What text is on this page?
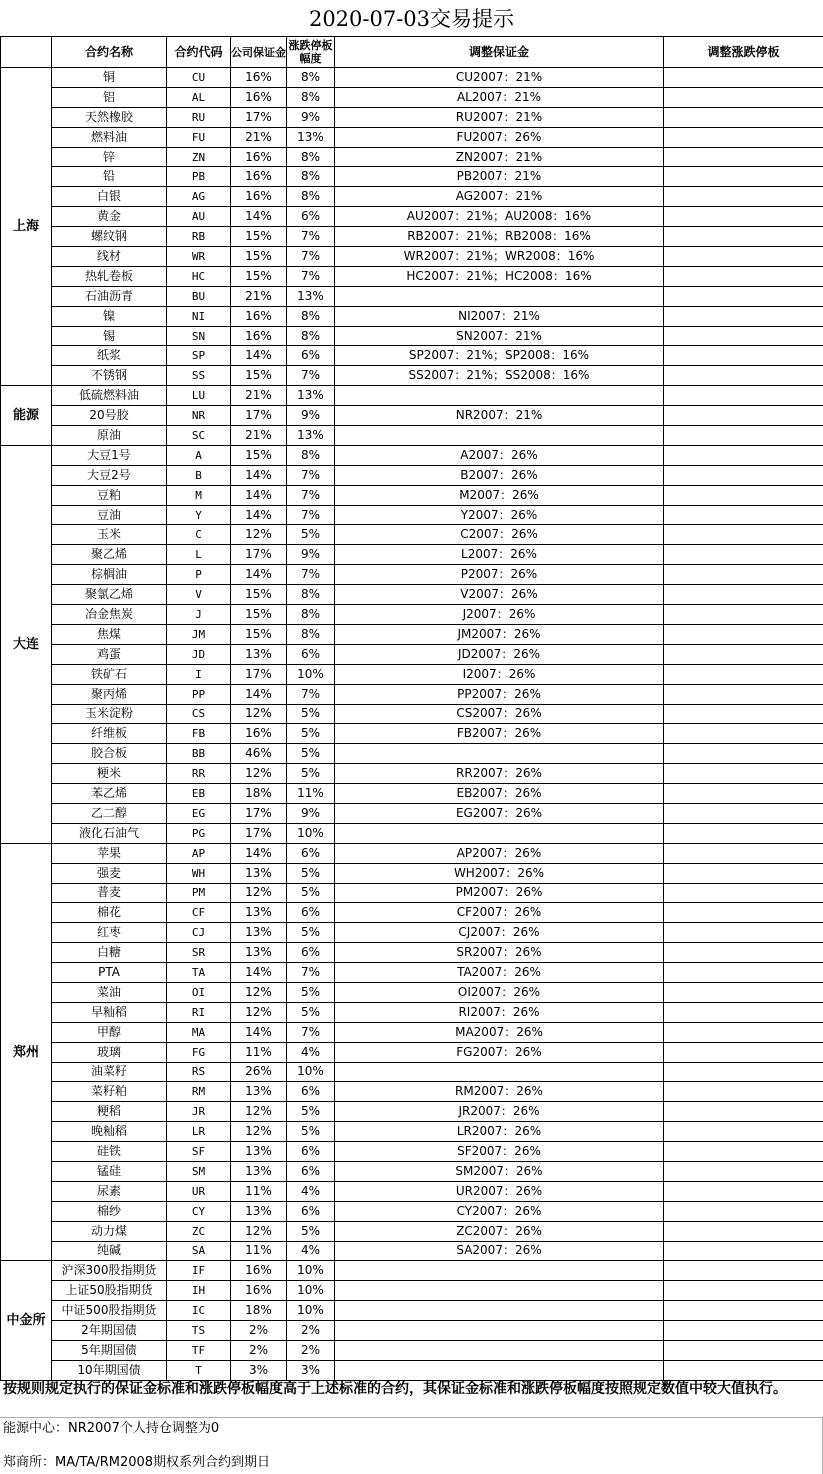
2020-07-03交易提示
	合约名称	合约代码	公司保证金	涨跌停板幅度	调整保证金	调整涨跌停板
上海	铜	CU	16%	8%	CU2007：21%	
	铝	AL	16%	8%	AL2007：21%	
	天然橡胶	RU	17%	9%	RU2007：21%	
	燃料油	FU	21%	13%	FU2007：26%	
	锌	ZN	16%	8%	ZN2007：21%	
	铅	PB	16%	8%	PB2007：21%	
	白银	AG	16%	8%	AG2007：21%	
	黄金	AU	14%	6%	AU2007：21%；AU2008：16%	
	螺纹钢	RB	15%	7%	RB2007：21%；RB2008：16%	
	线材	WR	15%	7%	WR2007：21%；WR2008：16%	
	热轧卷板	HC	15%	7%	HC2007：21%；HC2008：16%	
	石油沥青	BU	21%	13%		
	镍	NI	16%	8%	NI2007：21%	
	锡	SN	16%	8%	SN2007：21%	
	纸浆	SP	14%	6%	SP2007：21%；SP2008：16%	
	不锈钢	SS	15%	7%	SS2007：21%；SS2008：16%	
能源	低硫燃料油	LU	21%	13%		
	20号胶	NR	17%	9%	NR2007：21%	
	原油	SC	21%	13%		
大连	大豆1号	A	15%	8%	A2007：26%	
	大豆2号	B	14%	7%	B2007：26%	
	豆粕	M	14%	7%	M2007：26%	
	豆油	Y	14%	7%	Y2007：26%	
	玉米	C	12%	5%	C2007：26%	
	聚乙烯	L	17%	9%	L2007：26%	
	棕榈油	P	14%	7%	P2007：26%	
	聚氯乙烯	V	15%	8%	V2007：26%	
	冶金焦炭	J	15%	8%	J2007：26%	
	焦煤	JM	15%	8%	JM2007：26%	
	鸡蛋	JD	13%	6%	JD2007：26%	
	铁矿石	I	17%	10%	I2007：26%	
	聚丙烯	PP	14%	7%	PP2007：26%	
	玉米淀粉	CS	12%	5%	CS2007：26%	
	纤维板	FB	16%	5%	FB2007：26%	
	胶合板	BB	46%	5%		
	粳米	RR	12%	5%	RR2007：26%	
	苯乙烯	EB	18%	11%	EB2007：26%	
	乙二醇	EG	17%	9%	EG2007：26%	
	液化石油气	PG	17%	10%		
郑州	苹果	AP	14%	6%	AP2007：26%	
	强麦	WH	13%	5%	WH2007：26%	
	普麦	PM	12%	5%	PM2007：26%	
	棉花	CF	13%	6%	CF2007：26%	
	红枣	CJ	13%	5%	CJ2007：26%	
	白糖	SR	13%	6%	SR2007：26%	
	PTA	TA	14%	7%	TA2007：26%	
	菜油	OI	12%	5%	OI2007：26%	
	早籼稻	RI	12%	5%	RI2007：26%	
	甲醇	MA	14%	7%	MA2007：26%	
	玻璃	FG	11%	4%	FG2007：26%	
	油菜籽	RS	26%	10%		
	菜籽粕	RM	13%	6%	RM2007：26%	
	粳稻	JR	12%	5%	JR2007：26%	
	晚籼稻	LR	12%	5%	LR2007：26%	
	硅铁	SF	13%	6%	SF2007：26%	
	锰硅	SM	13%	6%	SM2007：26%	
	尿素	UR	11%	4%	UR2007：26%	
	棉纱	CY	13%	6%	CY2007：26%	
	动力煤	ZC	12%	5%	ZC2007：26%	
	纯碱	SA	11%	4%	SA2007：26%	
中金所	沪深300股指期货	IF	16%	10%		
	上证50股指期货	IH	16%	10%		
	中证500股指期货	IC	18%	10%		
	2年期国债	TS	2%	2%		
	5年期国债	TF	2%	2%		
	10年期国债	T	3%	3%		
按规则规定执行的保证金标准和涨跌停板幅度高于上述标准的合约，其保证金标准和涨跌停板幅度按照规定数值中较大值执行。
能源中心：NR2007个人持仓调整为0
郑商所：MA/TA/RM2008期权系列合约到期日
